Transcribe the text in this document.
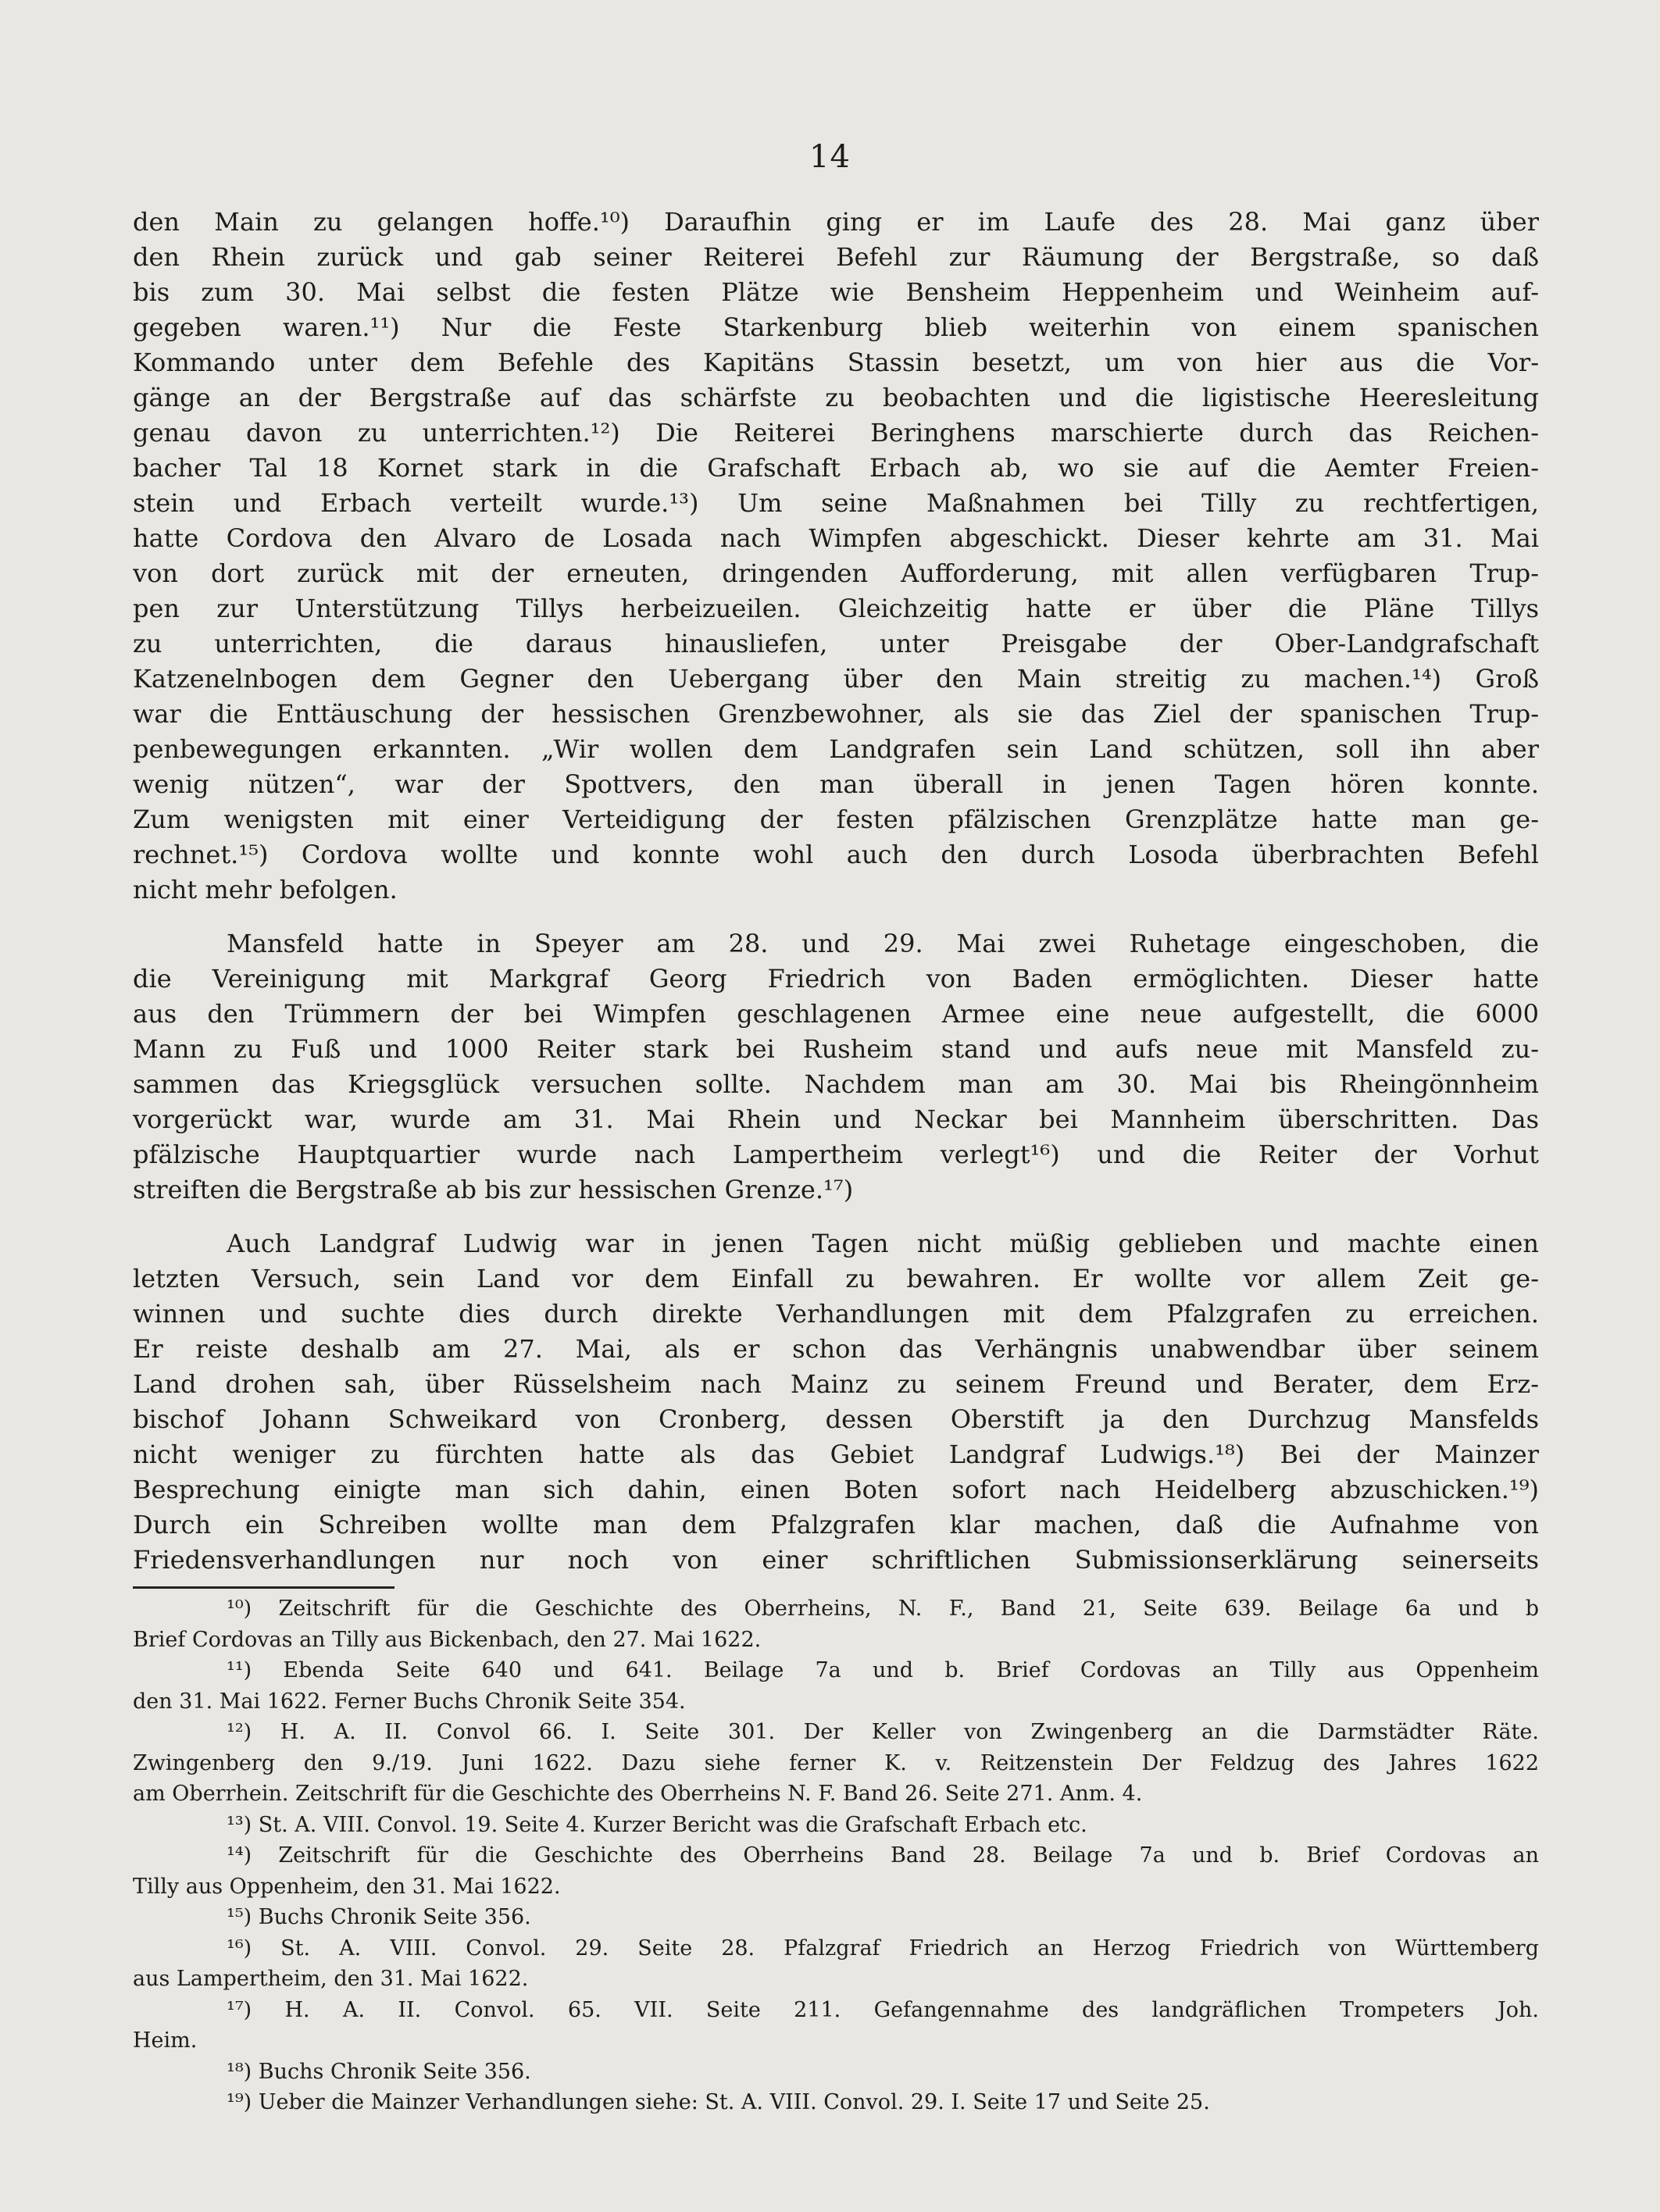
14
den Main zu gelangen hoffe.¹⁰) Daraufhin ging er im Laufe des 28. Mai ganz über
den Rhein zurück und gab seiner Reiterei Befehl zur Räumung der Bergstraße, so daß
bis zum 30. Mai selbst die festen Plätze wie Bensheim Heppenheim und Weinheim auf-
gegeben waren.¹¹) Nur die Feste Starkenburg blieb weiterhin von einem spanischen
Kommando unter dem Befehle des Kapitäns Stassin besetzt, um von hier aus die Vor-
gänge an der Bergstraße auf das schärfste zu beobachten und die ligistische Heeresleitung
genau davon zu unterrichten.¹²) Die Reiterei Beringhens marschierte durch das Reichen-
bacher Tal 18 Kornet stark in die Grafschaft Erbach ab, wo sie auf die Aemter Freien-
stein und Erbach verteilt wurde.¹³) Um seine Maßnahmen bei Tilly zu rechtfertigen,
hatte Cordova den Alvaro de Losada nach Wimpfen abgeschickt. Dieser kehrte am 31. Mai
von dort zurück mit der erneuten, dringenden Aufforderung, mit allen verfügbaren Trup-
pen zur Unterstützung Tillys herbeizueilen. Gleichzeitig hatte er über die Pläne Tillys
zu unterrichten, die daraus hinausliefen, unter Preisgabe der Ober-Landgrafschaft
Katzenelnbogen dem Gegner den Uebergang über den Main streitig zu machen.¹⁴) Groß
war die Enttäuschung der hessischen Grenzbewohner, als sie das Ziel der spanischen Trup-
penbewegungen erkannten. „Wir wollen dem Landgrafen sein Land schützen, soll ihn aber
wenig nützen“, war der Spottvers, den man überall in jenen Tagen hören konnte.
Zum wenigsten mit einer Verteidigung der festen pfälzischen Grenzplätze hatte man ge-
rechnet.¹⁵) Cordova wollte und konnte wohl auch den durch Losoda überbrachten Befehl
nicht mehr befolgen.
Mansfeld hatte in Speyer am 28. und 29. Mai zwei Ruhetage eingeschoben, die
die Vereinigung mit Markgraf Georg Friedrich von Baden ermöglichten. Dieser hatte
aus den Trümmern der bei Wimpfen geschlagenen Armee eine neue aufgestellt, die 6000
Mann zu Fuß und 1000 Reiter stark bei Rusheim stand und aufs neue mit Mansfeld zu-
sammen das Kriegsglück versuchen sollte. Nachdem man am 30. Mai bis Rheingönnheim
vorgerückt war, wurde am 31. Mai Rhein und Neckar bei Mannheim überschritten. Das
pfälzische Hauptquartier wurde nach Lampertheim verlegt¹⁶) und die Reiter der Vorhut
streiften die Bergstraße ab bis zur hessischen Grenze.¹⁷)
Auch Landgraf Ludwig war in jenen Tagen nicht müßig geblieben und machte einen
letzten Versuch, sein Land vor dem Einfall zu bewahren. Er wollte vor allem Zeit ge-
winnen und suchte dies durch direkte Verhandlungen mit dem Pfalzgrafen zu erreichen.
Er reiste deshalb am 27. Mai, als er schon das Verhängnis unabwendbar über seinem
Land drohen sah, über Rüsselsheim nach Mainz zu seinem Freund und Berater, dem Erz-
bischof Johann Schweikard von Cronberg, dessen Oberstift ja den Durchzug Mansfelds
nicht weniger zu fürchten hatte als das Gebiet Landgraf Ludwigs.¹⁸) Bei der Mainzer
Besprechung einigte man sich dahin, einen Boten sofort nach Heidelberg abzuschicken.¹⁹)
Durch ein Schreiben wollte man dem Pfalzgrafen klar machen, daß die Aufnahme von
Friedensverhandlungen nur noch von einer schriftlichen Submissionserklärung seinerseits
¹⁰) Zeitschrift für die Geschichte des Oberrheins, N. F., Band 21, Seite 639. Beilage 6a und b
Brief Cordovas an Tilly aus Bickenbach, den 27. Mai 1622.
¹¹) Ebenda Seite 640 und 641. Beilage 7a und b. Brief Cordovas an Tilly aus Oppenheim
den 31. Mai 1622. Ferner Buchs Chronik Seite 354.
¹²) H. A. II. Convol 66. I. Seite 301. Der Keller von Zwingenberg an die Darmstädter Räte.
Zwingenberg den 9./19. Juni 1622. Dazu siehe ferner K. v. Reitzenstein Der Feldzug des Jahres 1622
am Oberrhein. Zeitschrift für die Geschichte des Oberrheins N. F. Band 26. Seite 271. Anm. 4.
¹³) St. A. VIII. Convol. 19. Seite 4. Kurzer Bericht was die Grafschaft Erbach etc.
¹⁴) Zeitschrift für die Geschichte des Oberrheins Band 28. Beilage 7a und b. Brief Cordovas an
Tilly aus Oppenheim, den 31. Mai 1622.
¹⁵) Buchs Chronik Seite 356.
¹⁶) St. A. VIII. Convol. 29. Seite 28. Pfalzgraf Friedrich an Herzog Friedrich von Württemberg
aus Lampertheim, den 31. Mai 1622.
¹⁷) H. A. II. Convol. 65. VII. Seite 211. Gefangennahme des landgräflichen Trompeters Joh.
Heim.
¹⁸) Buchs Chronik Seite 356.
¹⁹) Ueber die Mainzer Verhandlungen siehe: St. A. VIII. Convol. 29. I. Seite 17 und Seite 25.
